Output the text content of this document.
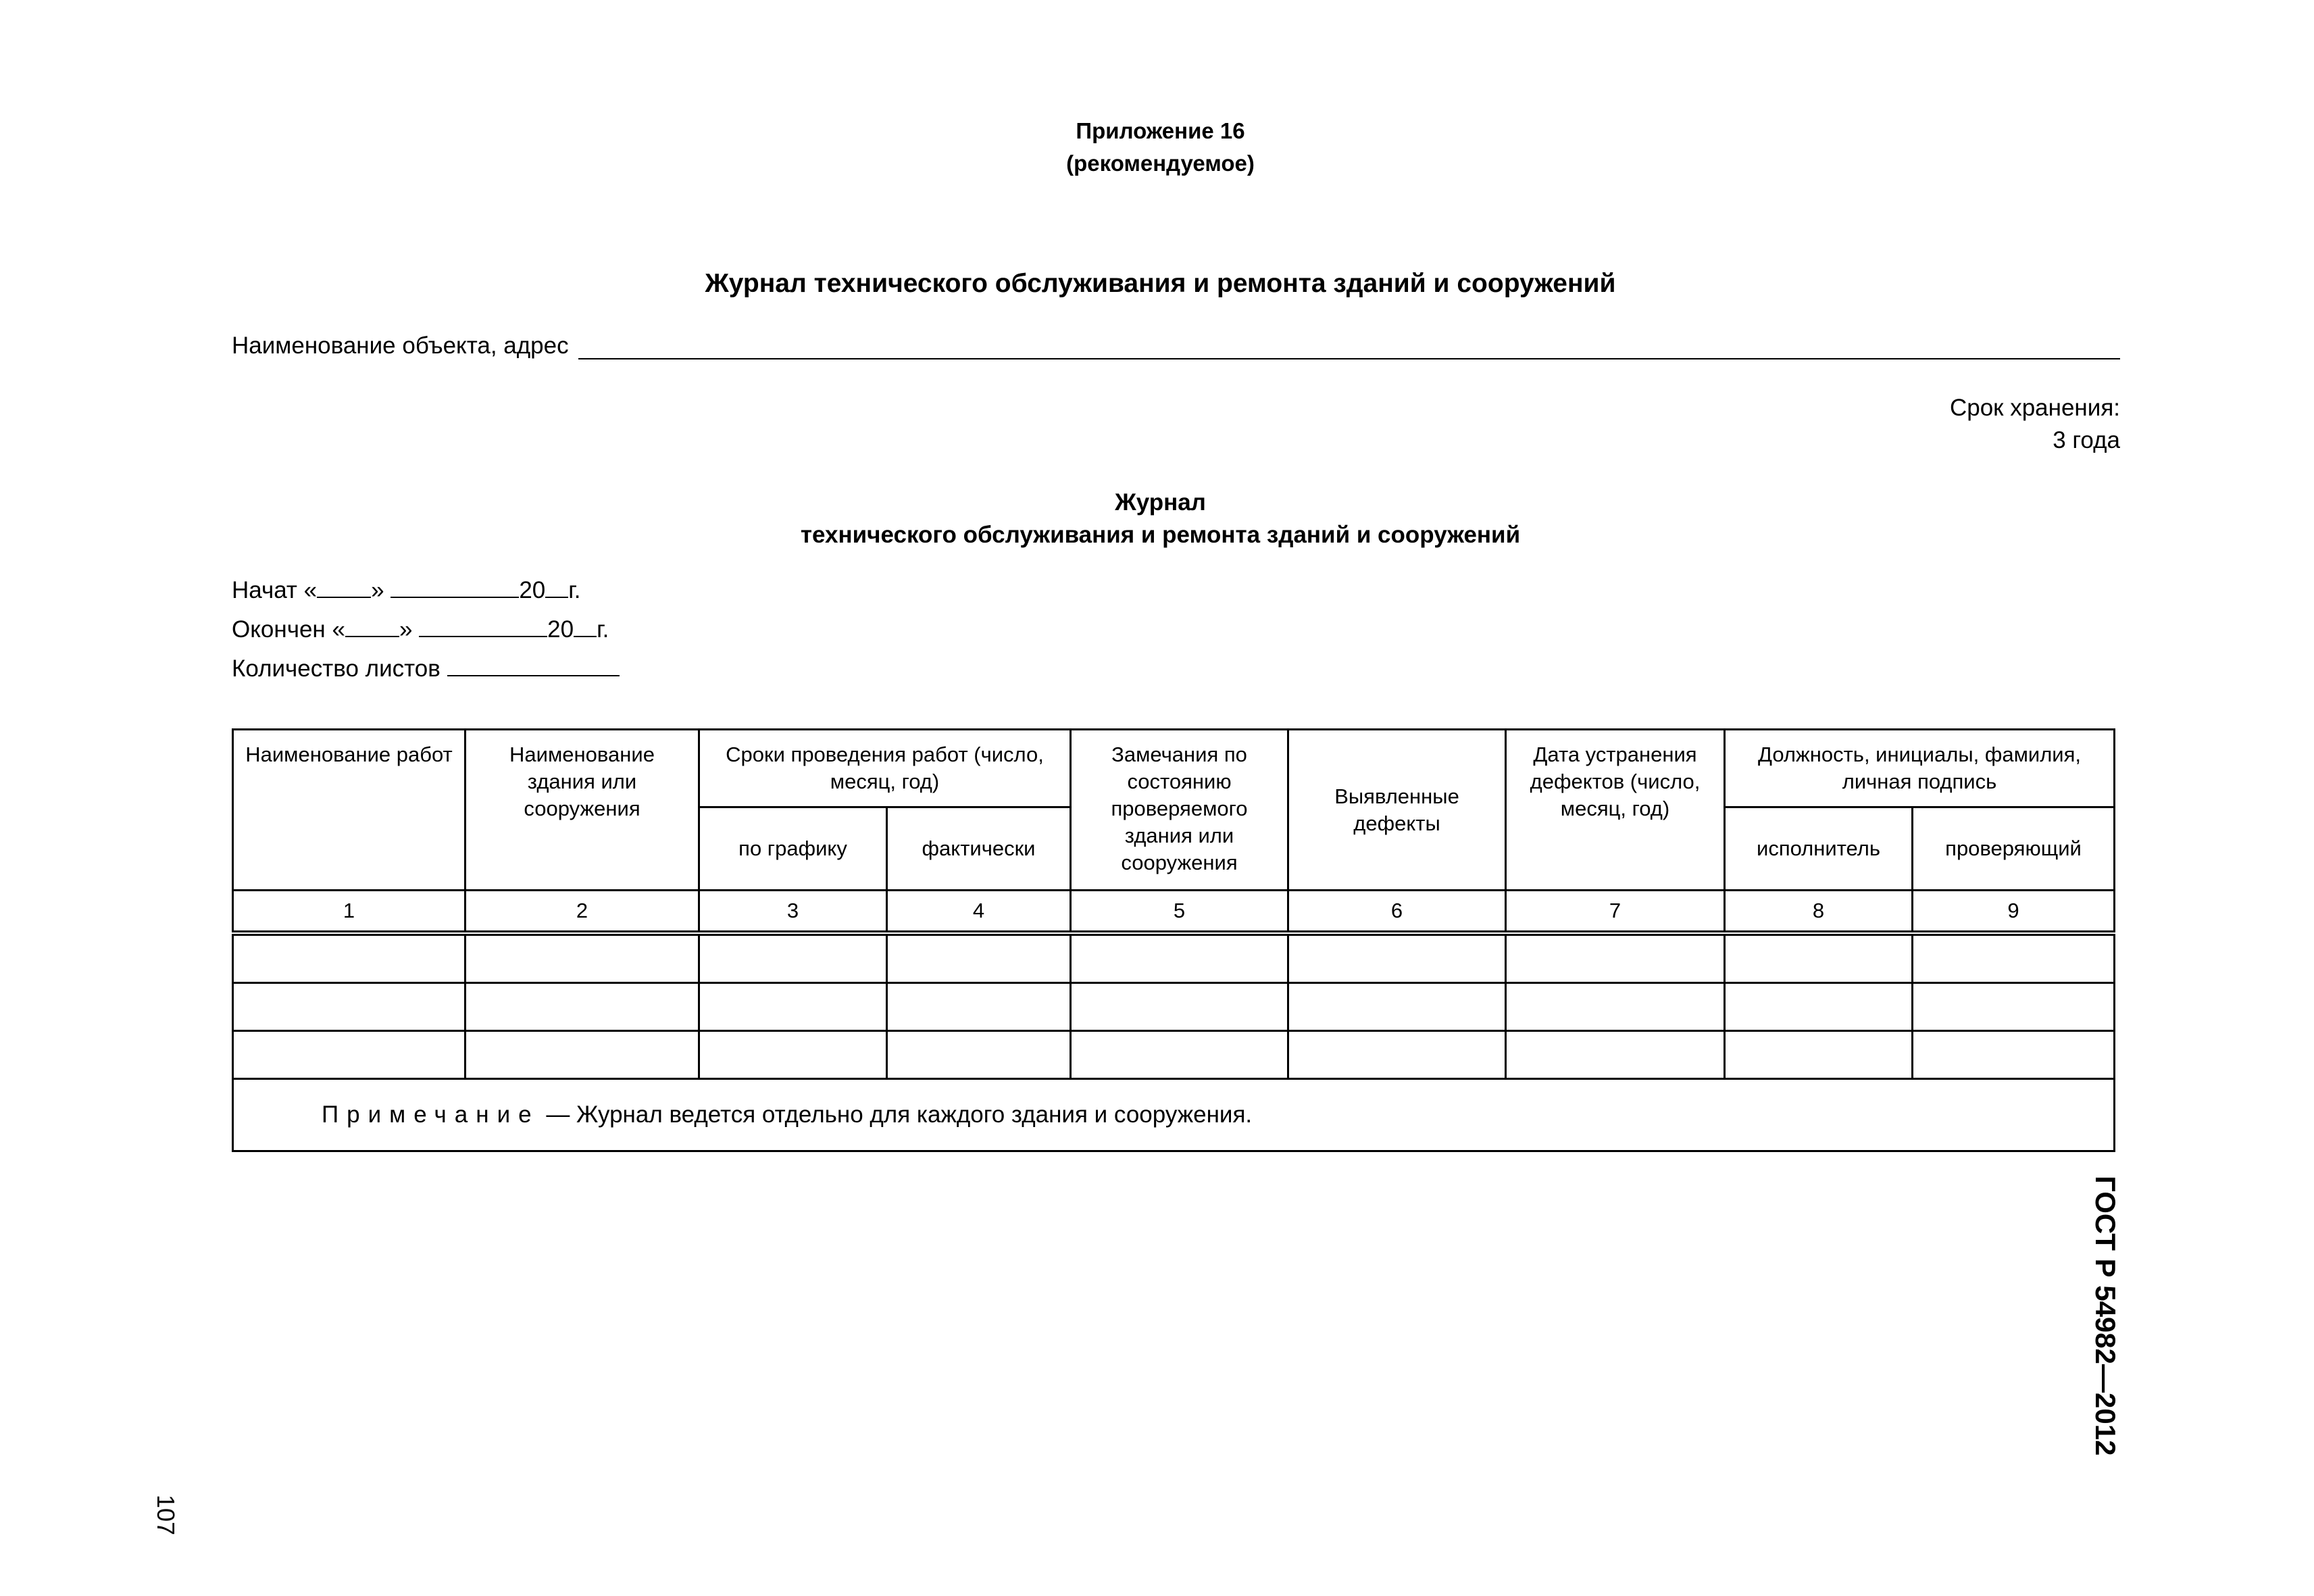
Приложение 16
(рекомендуемое)
Журнал технического обслуживания и ремонта зданий и сооружений
Наименование объекта, адрес
Срок хранения:
3 года
Журнал
технического обслуживания и ремонта зданий и сооружений
Начат « »	20 г.
Окончен « »	20 г.
Количество листов
Наименование работ	Наименование здания или сооружения	Сроки проведения работ (число, месяц, год)		Замечания по состоянию проверяемого здания или сооружения	Выявленные дефекты	Дата устранения дефектов (число, месяц, год)	Должность, инициалы, фамилия, личная подпись	
		по графику	фактически				исполнитель	проверяющий
1	2	3	4	5	6	7	8	9

Примечание — Журнал ведется отдельно для каждого здания и сооружения.								
ГОСТ Р 54982—2012
107
